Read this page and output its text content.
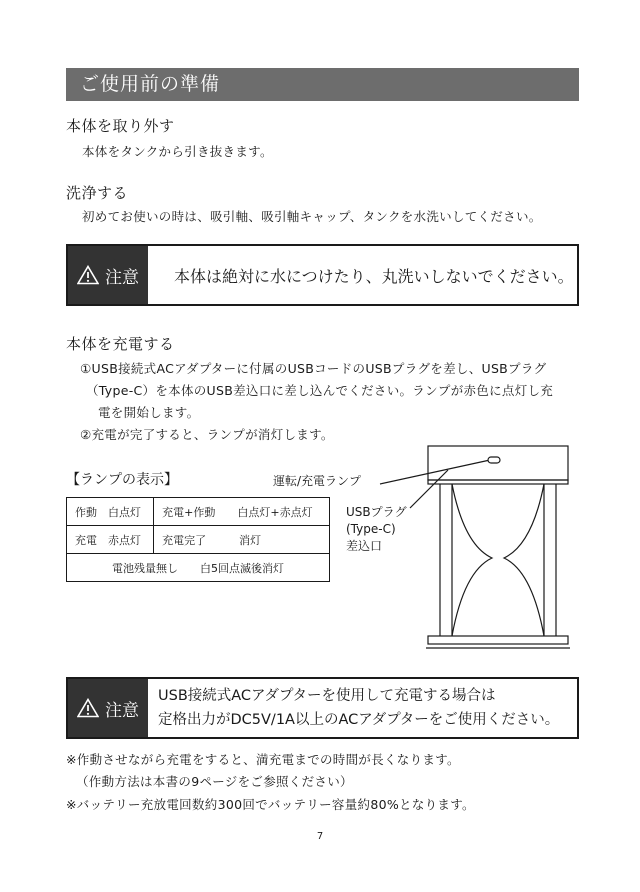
ご使用前の準備
本体を取り外す
本体をタンクから引き抜きます。
洗浄する
初めてお使いの時は、吸引軸、吸引軸キャップ、タンクを水洗いしてください。
注意 本体は絶対に水につけたり、丸洗いしないでください。
本体を充電する
①USB接続式ACアダプターに付属のUSBコードのUSBプラグを差し、USBプラグ
（Type-C）を本体のUSB差込口に差し込んでください。ランプが赤色に点灯し充
電を開始します。
②充電が完了すると、ランプが消灯します。
【ランプの表示】
作動　白点灯	充電+作動　　白点灯+赤点灯
充電　赤点灯	充電完了　　　消灯
電池残量無し　　白5回点滅後消灯	
運転/充電ランプ
USBプラグ
(Type-C)
差込口
注意
USB接続式ACアダプターを使用して充電する場合は
定格出力がDC5V/1A以上のACアダプターをご使用ください。
※作動させながら充電をすると、満充電までの時間が長くなります。
（作動方法は本書の9ページをご参照ください）
※バッテリー充放電回数約300回でバッテリー容量約80%となります。
7
